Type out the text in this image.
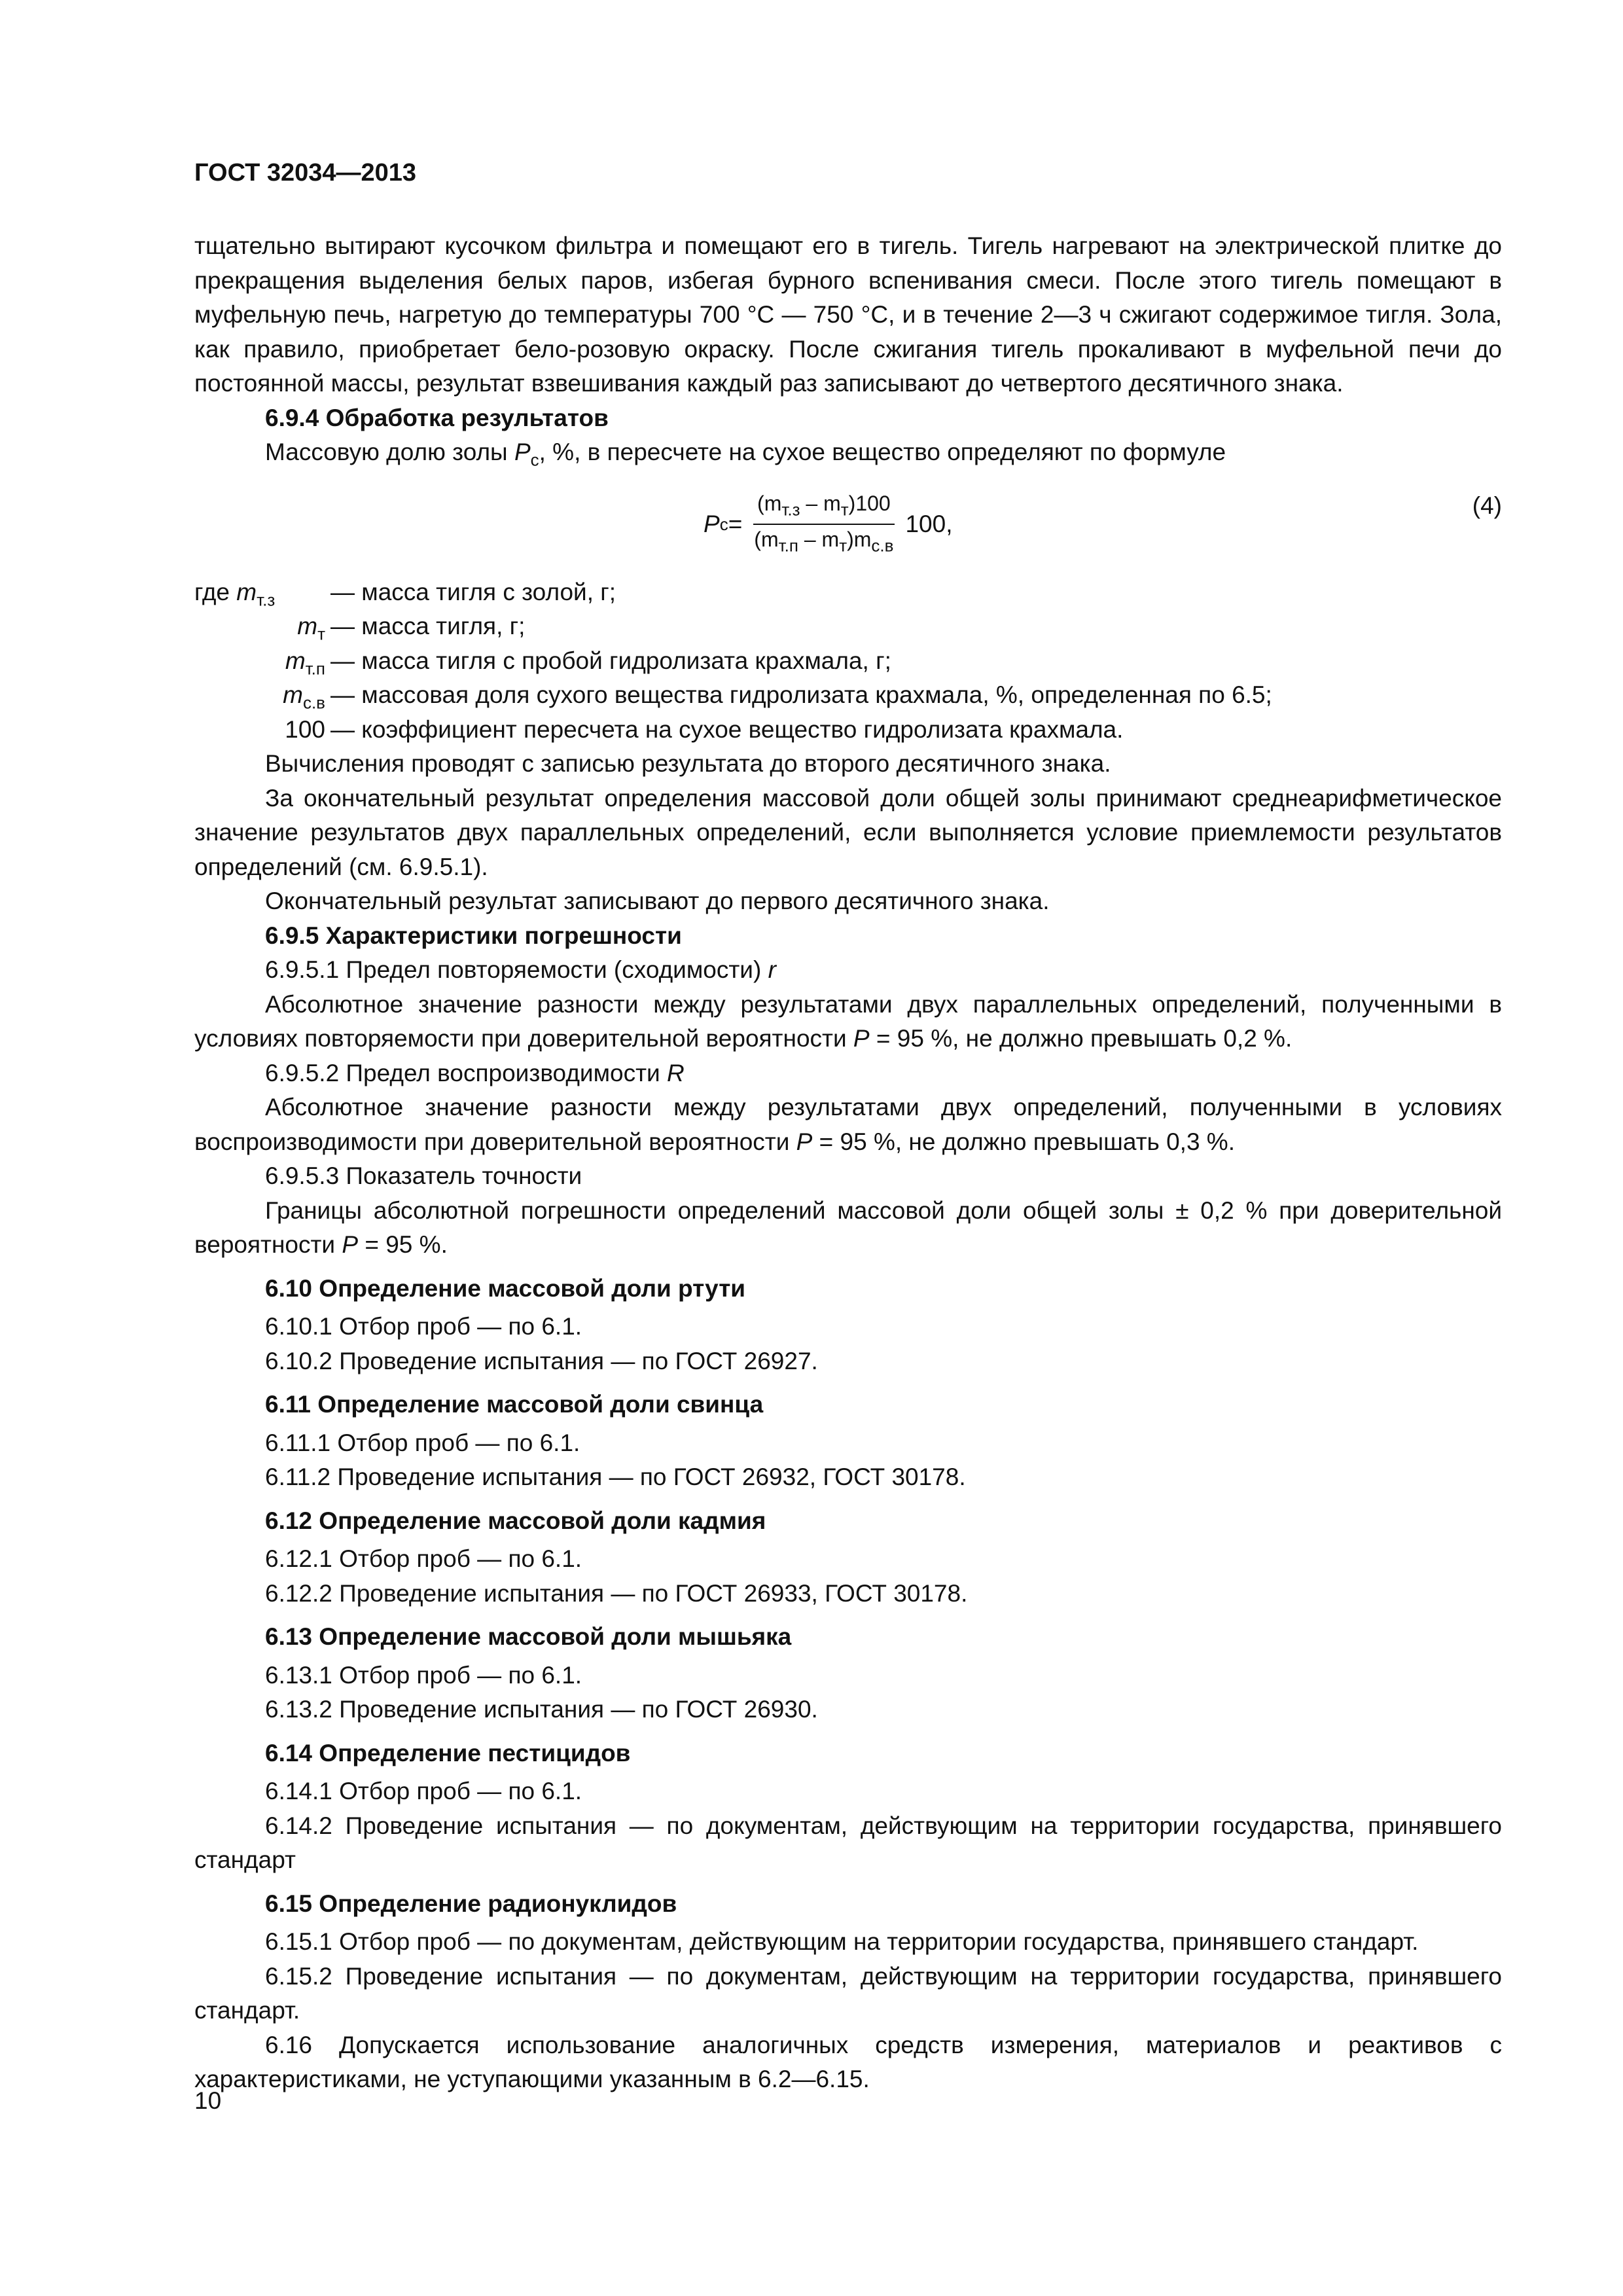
ГОСТ 32034—2013

тщательно вытирают кусочком фильтра и помещают его в тигель. Тигель нагревают на электрической плитке до прекращения выделения белых паров, избегая бурного вспенивания смеси. После этого тигель помещают в муфельную печь, нагретую до температуры 700 °С — 750 °С, и в течение 2—3 ч сжигают содержимое тигля. Зола, как правило, приобретает бело-розовую окраску. После сжигания тигель прокаливают в муфельной печи до постоянной массы, результат взвешивания каждый раз записывают до четвертого десятичного знака.

6.9.4 Обработка результатов

Массовую долю золы $P_c$, %, в пересчете на сухое вещество определяют по формуле

P $c = \frac{(m_{т.з} - m_т)100}{(m_{т.п} - m_т)m_{с.в}} 100$,
(4)
где $m_{т.з}$ — масса тигля с золой, г;
$m_т$ — масса тигля, г;
$m_{т.п}$ — масса тигля с пробой гидролизата крахмала, г;
$m_{с.в}$ — массовая доля сухого вещества гидролизата крахмала, %, определенная по 6.5;
100 — коэффициент пересчета на сухое вещество гидролизата крахмала.

Вычисления проводят с записью результата до второго десятичного знака.

За окончательный результат определения массовой доли общей золы принимают среднеарифметическое значение результатов двух параллельных определений, если выполняется условие приемлемости результатов определений (см. 6.9.5.1).

Окончательный результат записывают до первого десятичного знака.

6.9.5 Характеристики погрешности

6.9.5.1 Предел повторяемости (сходимости) r

Абсолютное значение разности между результатами двух параллельных определений, полученными в условиях повторяемости при доверительной вероятности P = 95 %, не должно превышать 0,2 %.

6.9.5.2 Предел воспроизводимости R

Абсолютное значение разности между результатами двух определений, полученными в условиях воспроизводимости при доверительной вероятности P = 95 %, не должно превышать 0,3 %.

6.9.5.3 Показатель точности

Границы абсолютной погрешности определений массовой доли общей золы ± 0,2 % при доверительной вероятности P = 95 %.

6.10 Определение массовой доли ртути

6.10.1 Отбор проб — по 6.1.

6.10.2 Проведение испытания — по ГОСТ 26927.

6.11 Определение массовой доли свинца

6.11.1 Отбор проб — по 6.1.

6.11.2 Проведение испытания — по ГОСТ 26932, ГОСТ 30178.

6.12 Определение массовой доли кадмия

6.12.1 Отбор проб — по 6.1.

6.12.2 Проведение испытания — по ГОСТ 26933, ГОСТ 30178.

6.13 Определение массовой доли мышьяка

6.13.1 Отбор проб — по 6.1.

6.13.2 Проведение испытания — по ГОСТ 26930.

6.14 Определение пестицидов

6.14.1 Отбор проб — по 6.1.

6.14.2 Проведение испытания — по документам, действующим на территории государства, принявшего стандарт

6.15 Определение радионуклидов

6.15.1 Отбор проб — по документам, действующим на территории государства, принявшего стандарт.

6.15.2 Проведение испытания — по документам, действующим на территории государства, принявшего стандарт.

6.16 Допускается использование аналогичных средств измерения, материалов и реактивов с характеристиками, не уступающими указанным в 6.2—6.15.

10
